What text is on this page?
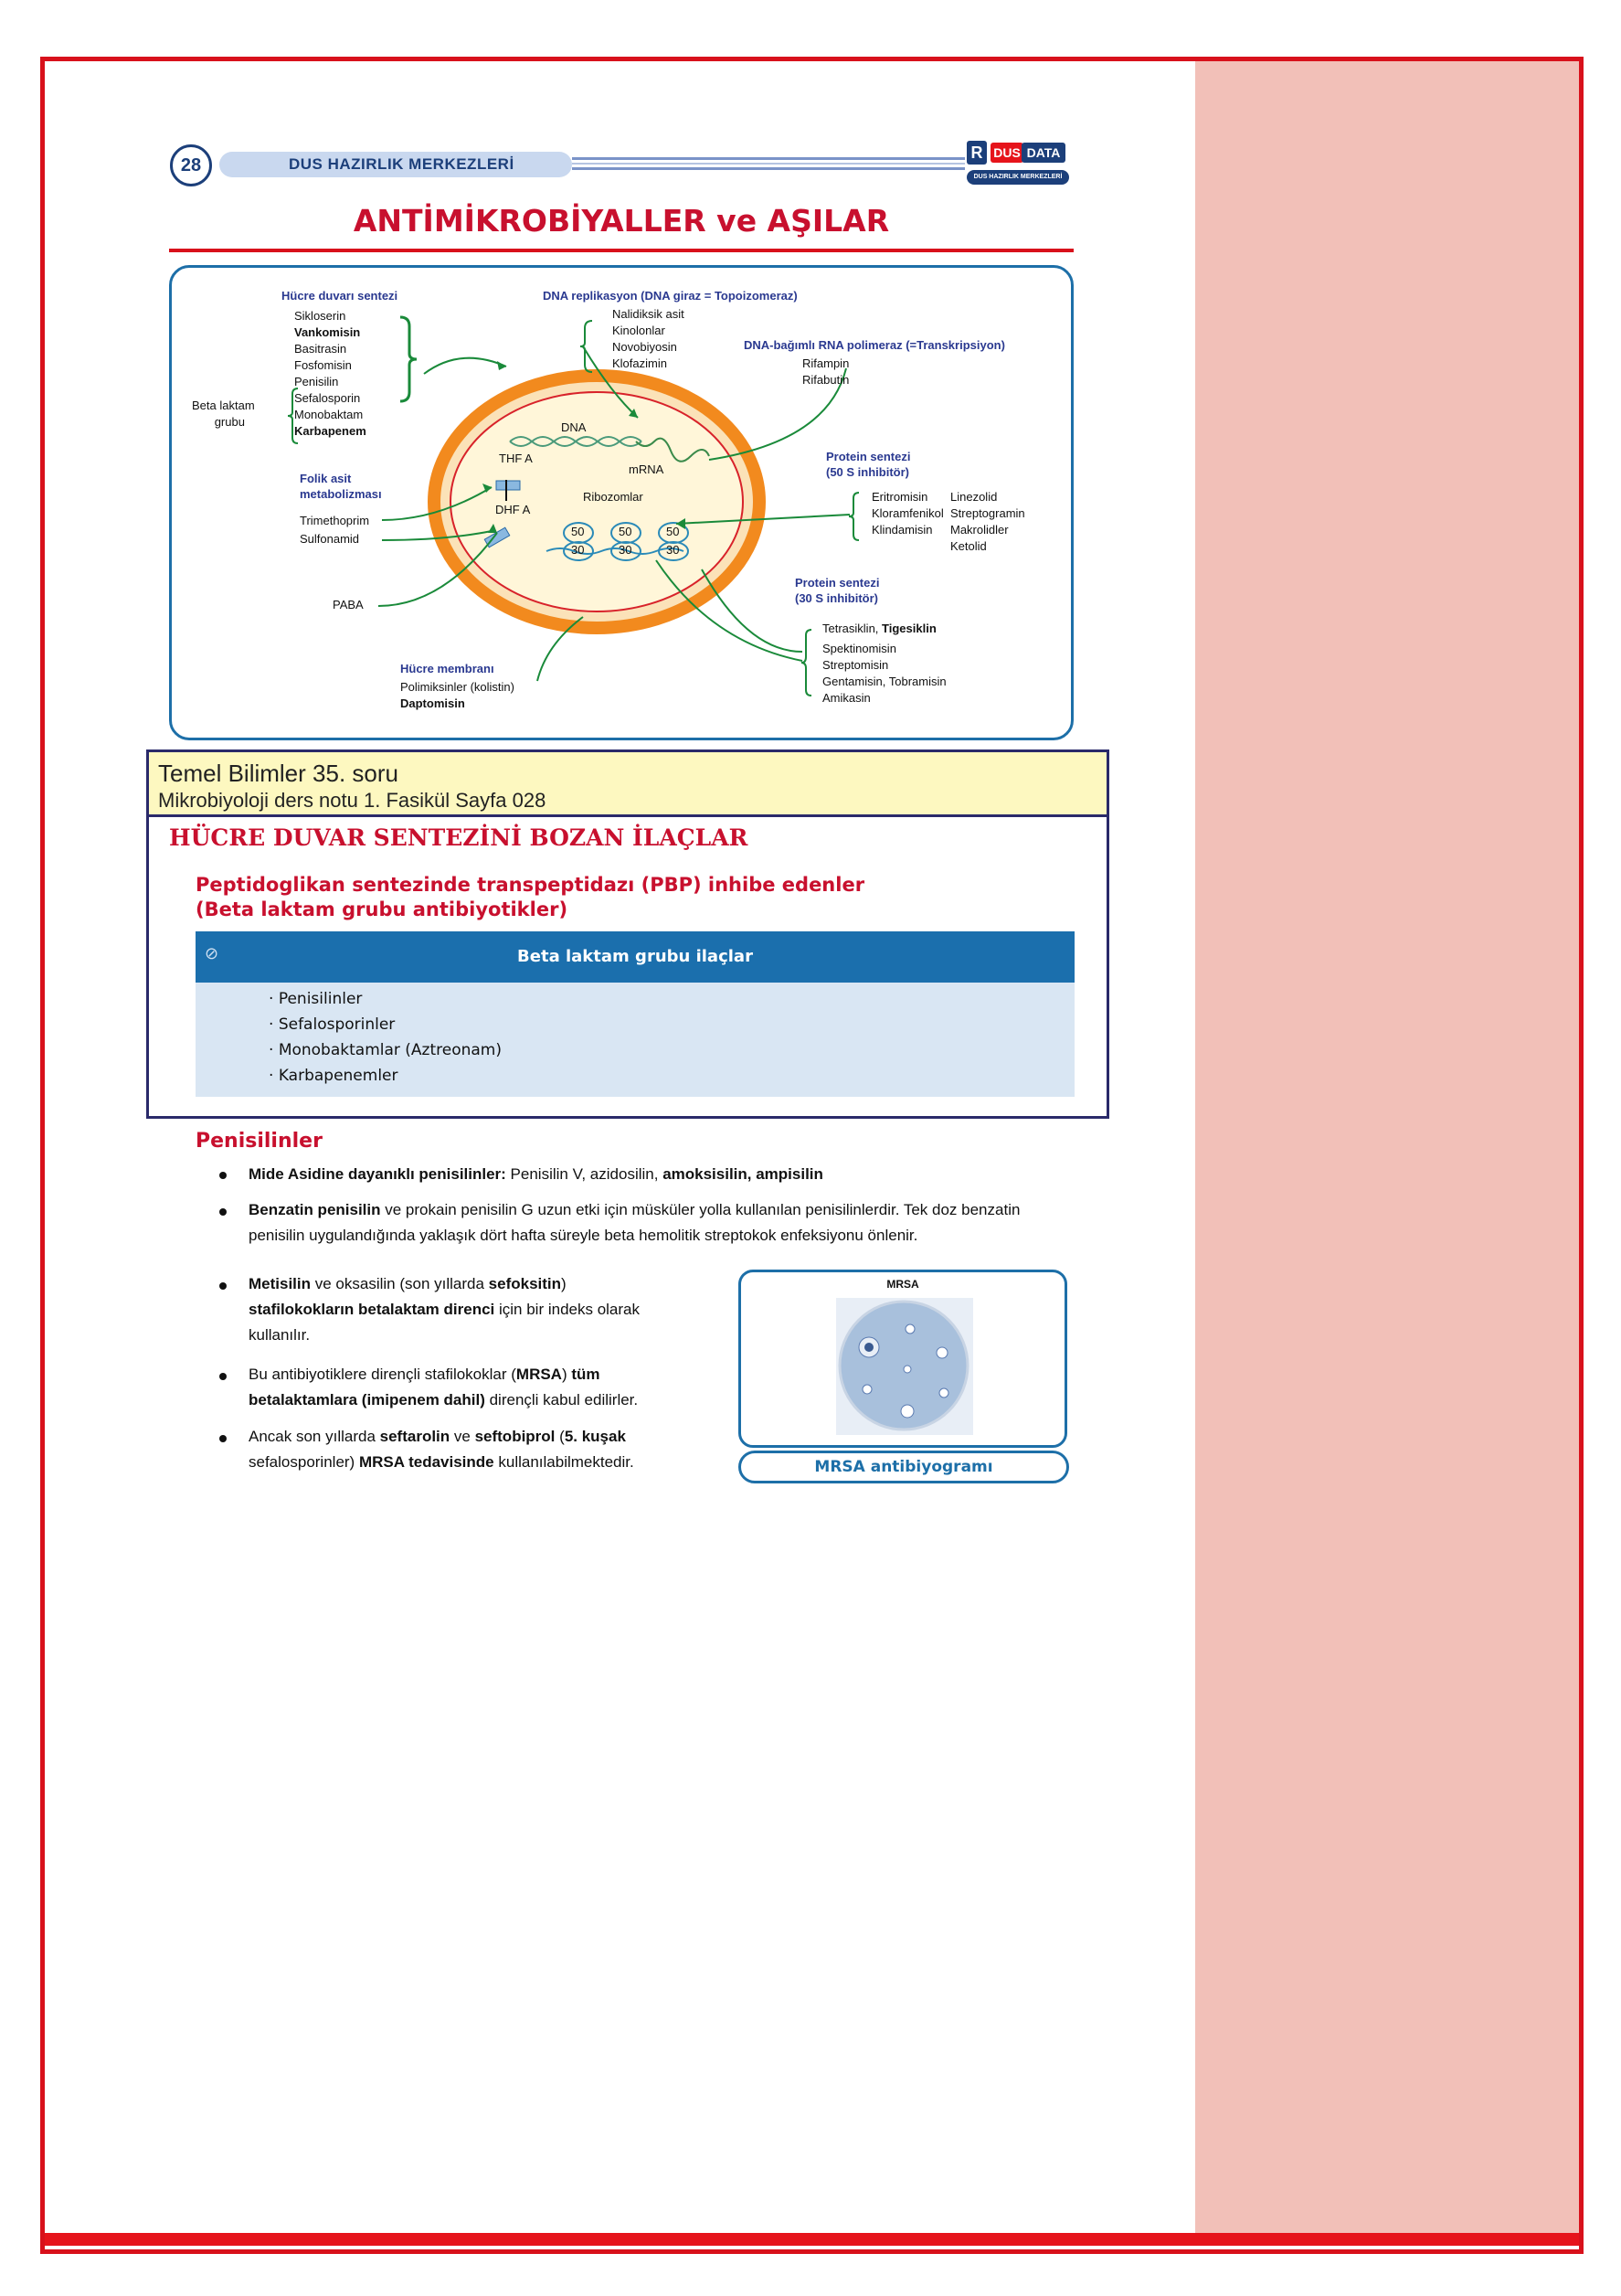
28	DUS HAZIRLIK MERKEZLERİ
R DUS DATA
DUS HAZIRLIK MERKEZLERİ
ANTİMİKROBİYALLER ve AŞILAR
Hücre duvarı sentezi
Sikloserin
Vankomisin
Basitrasin
Fosfomisin
Penisilin
Sefalosporin
Monobaktam
Karbapenem
Beta laktam
grubu
DNA replikasyon (DNA giraz = Topoizomeraz)
Nalidiksik asit
Kinolonlar
Novobiyosin
Klofazimin
DNA-bağımlı RNA polimeraz (=Transkripsiyon)
Rifampin
Rifabutin
Protein sentezi
(50 S inhibitör)
Eritromisin
Kloramfenikol
Klindamisin
Linezolid
Streptogramin
Makrolidler
Ketolid
Protein sentezi
(30 S inhibitör)
Tetrasiklin, Tigesiklin
Spektinomisin
Streptomisin
Gentamisin, Tobramisin
Amikasin
Folik asit
metabolizması
Trimethoprim
Sulfonamid
PABA
Hücre membranı
Polimiksinler (kolistin)
Daptomisin
DNA
mRNA
THF A
DHF A
Ribozomlar
50
30
50
30
50
30
Temel Bilimler 35. soru
Mikrobiyoloji ders notu 1. Fasikül Sayfa 028
HÜCRE DUVAR SENTEZİNİ BOZAN İLAÇLAR
Peptidoglikan sentezinde transpeptidazı (PBP) inhibe edenler
(Beta laktam grubu antibiyotikler)
⊘	Beta laktam grubu ilaçlar
· Penisilinler
· Sefalosporinler
· Monobaktamlar (Aztreonam)
· Karbapenemler
Penisilinler
Mide Asidine dayanıklı penisilinler: Penisilin V, azidosilin, amoksisilin, ampisilin
Benzatin penisilin ve prokain penisilin G uzun etki için müsküler yolla kullanılan penisilinlerdir. Tek doz benzatin
penisilin uygulandığında yaklaşık dört hafta süreyle beta hemolitik streptokok enfeksiyonu önlenir.
Metisilin ve oksasilin (son yıllarda sefoksitin)
stafilokokların betalaktam direnci için bir indeks olarak
kullanılır.
Bu antibiyotiklere dirençli stafilokoklar (MRSA) tüm
betalaktamlara (imipenem dahil) dirençli kabul edilirler.
Ancak son yıllarda seftarolin ve seftobiprol (5. kuşak
sefalosporinler) MRSA tedavisinde kullanılabilmektedir.
MRSA
MRSA antibiyogramı
